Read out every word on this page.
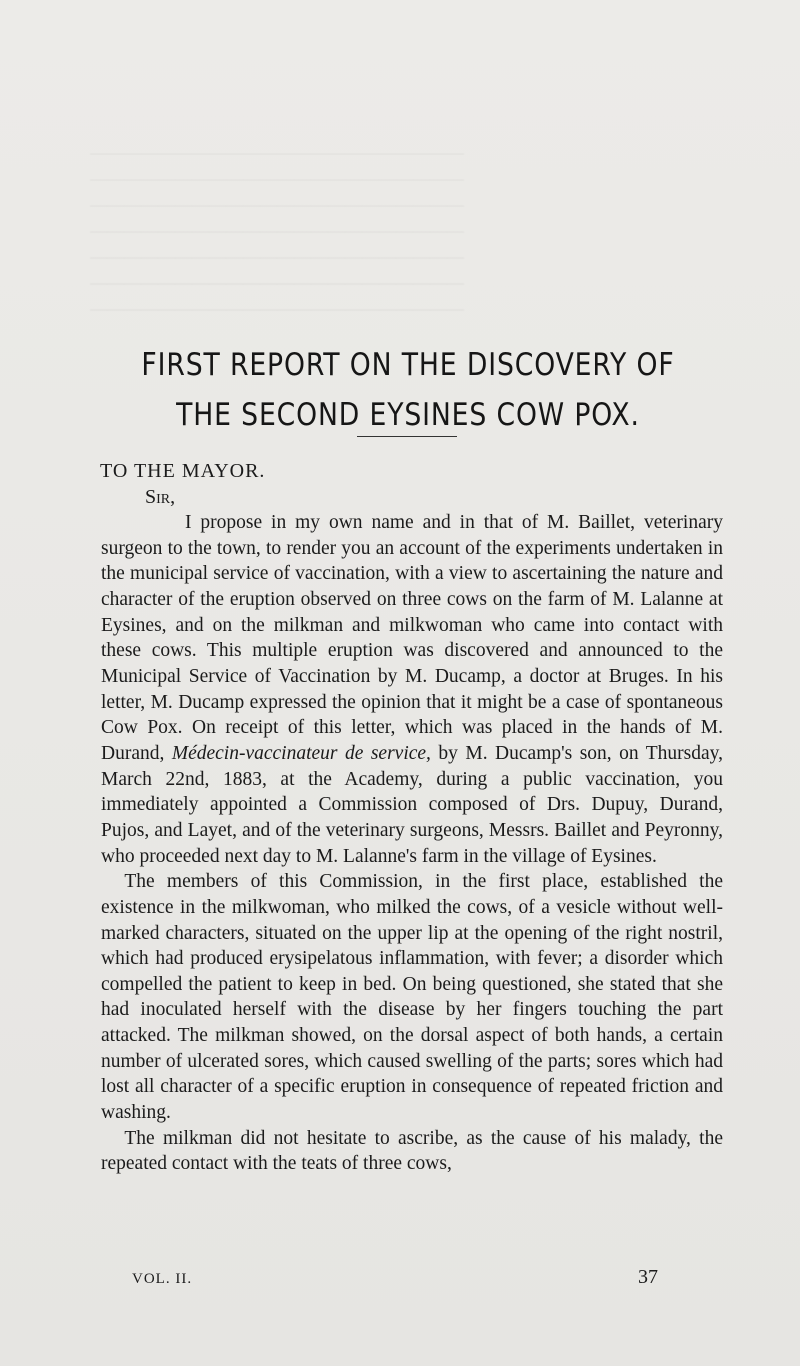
——————————————————————
——————————————————————
——————————————————————
——————————————————————
——————————————————————
——————————————————————
——————————————————————
FIRST REPORT ON THE DISCOVERY OF
THE SECOND EYSINES COW POX.
TO THE MAYOR.
Sir,

I propose in my own name and in that of M. Baillet, veterinary surgeon to the town, to render you an account of the experiments undertaken in the municipal service of vaccination, with a view to ascertaining the nature and character of the eruption observed on three cows on the farm of M. Lalanne at Eysines, and on the milkman and milkwoman who came into contact with these cows. This multiple eruption was discovered and announced to the Municipal Service of Vaccination by M. Ducamp, a doctor at Bruges. In his letter, M. Ducamp expressed the opinion that it might be a case of spontaneous Cow Pox. On receipt of this letter, which was placed in the hands of M. Durand, Médecin-vaccinateur de service, by M. Ducamp's son, on Thursday, March 22nd, 1883, at the Academy, during a public vaccination, you immediately appointed a Commission composed of Drs. Dupuy, Durand, Pujos, and Layet, and of the veterinary surgeons, Messrs. Baillet and Peyronny, who proceeded next day to M. Lalanne's farm in the village of Eysines.

The members of this Commission, in the first place, established the existence in the milkwoman, who milked the cows, of a vesicle without well-marked characters, situated on the upper lip at the opening of the right nostril, which had produced erysipelatous inflammation, with fever; a disorder which compelled the patient to keep in bed. On being questioned, she stated that she had inoculated herself with the disease by her fingers touching the part attacked. The milkman showed, on the dorsal aspect of both hands, a certain number of ulcerated sores, which caused swelling of the parts; sores which had lost all character of a specific eruption in consequence of repeated friction and washing.

The milkman did not hesitate to ascribe, as the cause of his malady, the repeated contact with the teats of three cows,

VOL. II.	37
